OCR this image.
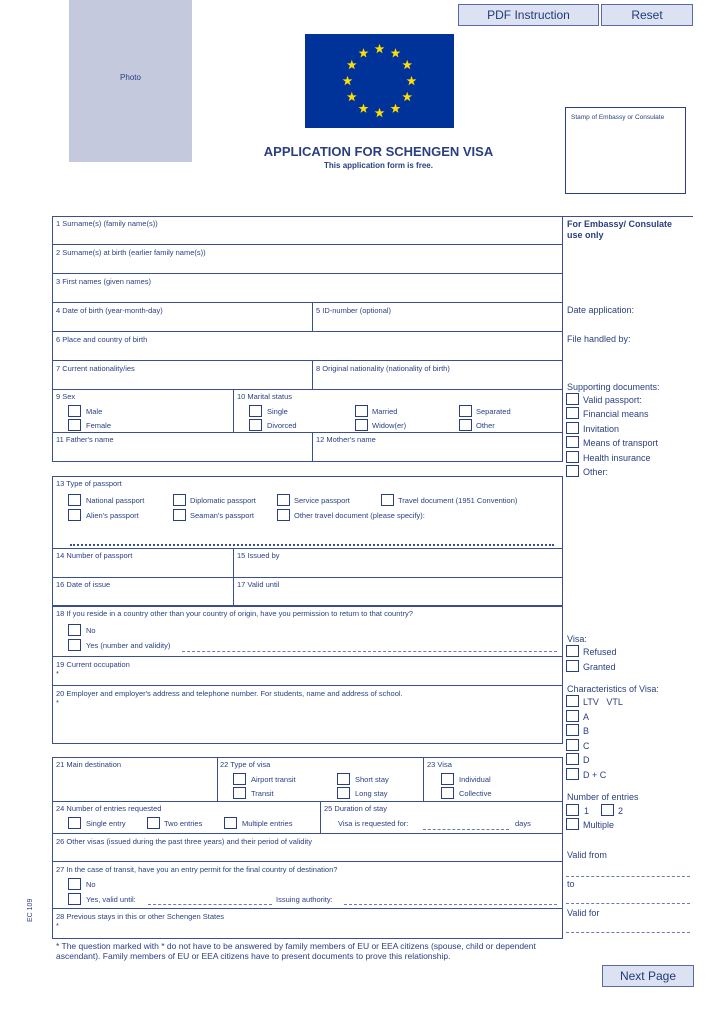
Photo
PDF Instruction	Reset
Stamp of Embassy or Consulate
APPLICATION FOR SCHENGEN VISA
This application form is free.
1 Surname(s) (family name(s))
2 Surname(s) at birth (earlier family name(s))
3 First names (given names)
4 Date of birth (year-month-day)	5 ID-number (optional)
6 Place and country of birth
7 Current nationality/ies	8 Original nationality (nationality of birth)
9 Sex
Male
Female
10 Marital status
Single	Married	Separated
Divorced	Widow(er)	Other
11 Father's name	12 Mother's name
13 Type of passport
National passport	Diplomatic passport	Service passport	Travel document (1951 Convention)
Alien's passport	Seaman's passport	Other travel document (please specify):
14 Number of passport	15 Issued by
16 Date of issue	17 Valid until
18 If you reside in a country other than your country of origin, have you permission to return to that country?
No
Yes (number and validity)
19 Current occupation
*
20 Employer and employer's address and telephone number. For students, name and address of school.
*
21 Main destination	22 Type of visa
Airport transit	Short stay
Transit	Long stay
23 Visa
Individual
Collective
24 Number of entries requested
Single entry	Two entries	Multiple entries
25 Duration of stay
Visa is requested for:	days
26 Other visas (issued during the past three years) and their period of validity
27 In the case of transit, have you an entry permit for the final country of destination?
No
Yes, valid until:	Issuing authority:
28 Previous stays in this or other Schengen States
*
EC 109
* The question marked with * do not have to be answered by family members of EU or EEA citizens (spouse, child or dependent ascendant). Family members of EU or EEA citizens have to present documents to prove this relationship.
For Embassy/ Consulate use only
Date application:
File handled by:
Supporting documents:
Valid passport:
Financial means
Invitation
Means of transport
Health insurance
Other:
Visa:
Refused
Granted
Characteristics of Visa:
LTV   VTL
A
B
C
D
D + C
Number of entries
1	2
Multiple
Valid from
to
Valid for
Next Page
